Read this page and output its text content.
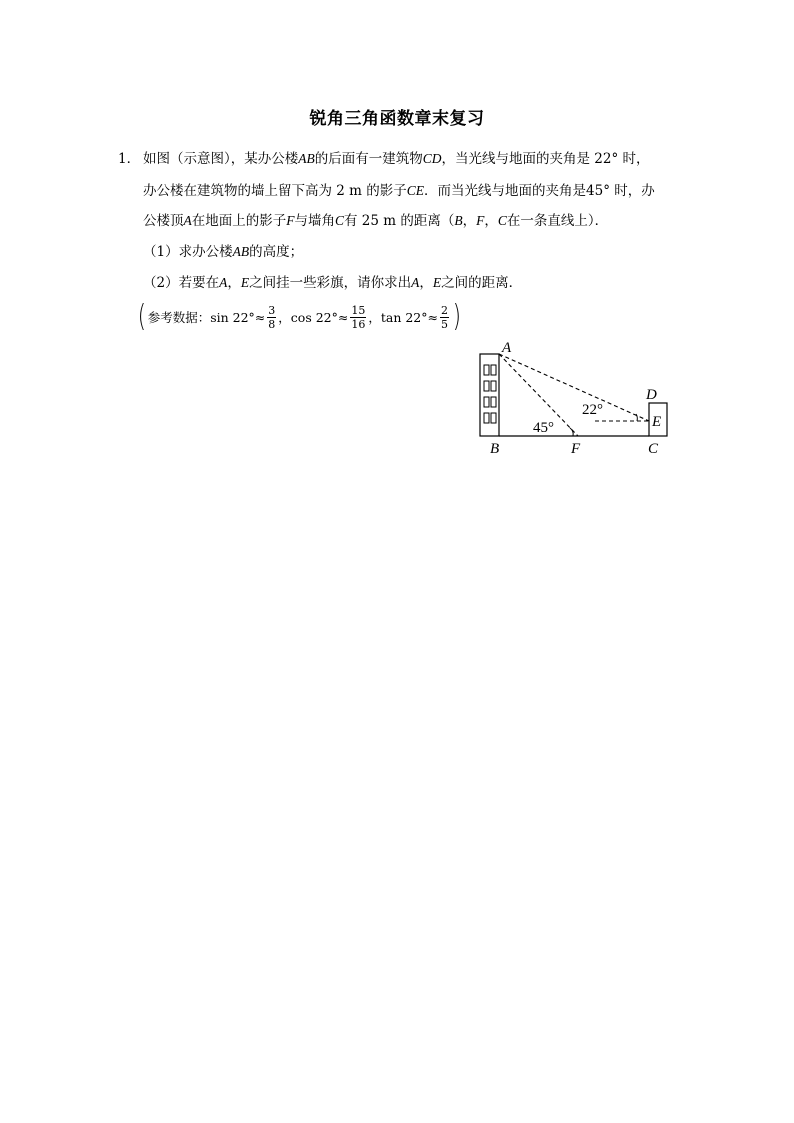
锐角三角函数章末复习
1． 如图（示意图），某办公楼AB的后面有一建筑物CD，当光线与地面的夹角是 22° 时，
办公楼在建筑物的墙上留下高为 2 m 的影子CE．而当光线与地面的夹角是45° 时，办
公楼顶A在地面上的影子F与墙角C有 25 m 的距离（B，F，C在一条直线上）．
（1）求办公楼AB的高度；
（2）若要在A，E之间挂一些彩旗，请你求出A，E之间的距离．
( 参考数据：$\sin 22^\circ\approx \frac{3}{8}$ ，$\cos 22^\circ\approx \frac{15}{16}$ ，$\tan 22^\circ\approx \frac{2}{5}$ )
A
B	F	C
D
E
45°
22°
